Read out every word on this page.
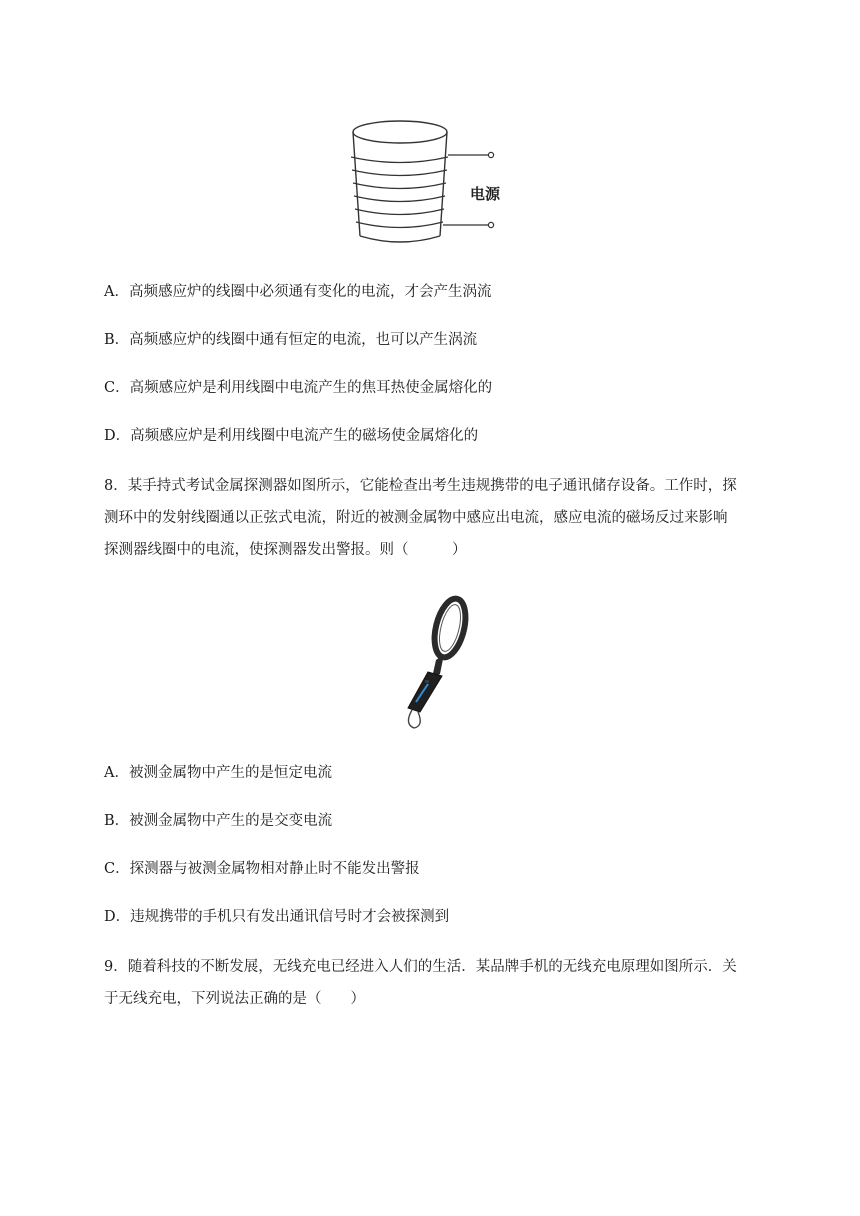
电源
A．高频感应炉的线圈中必须通有变化的电流，才会产生涡流
B．高频感应炉的线圈中通有恒定的电流，也可以产生涡流
C．高频感应炉是利用线圈中电流产生的焦耳热使金属熔化的
D．高频感应炉是利用线圈中电流产生的磁场使金属熔化的
8．某手持式考试金属探测器如图所示，它能检查出考生违规携带的电子通讯储存设备。工作时，探
测环中的发射线圈通以正弦式电流，附近的被测金属物中感应出电流，感应电流的磁场反过来影响
探测器线圈中的电流，使探测器发出警报。则（　　　）
A．被测金属物中产生的是恒定电流
B．被测金属物中产生的是交变电流
C．探测器与被测金属物相对静止时不能发出警报
D．违规携带的手机只有发出通讯信号时才会被探测到
9．随着科技的不断发展，无线充电已经进入人们的生活．某品牌手机的无线充电原理如图所示．关
于无线充电，下列说法正确的是（　　）
